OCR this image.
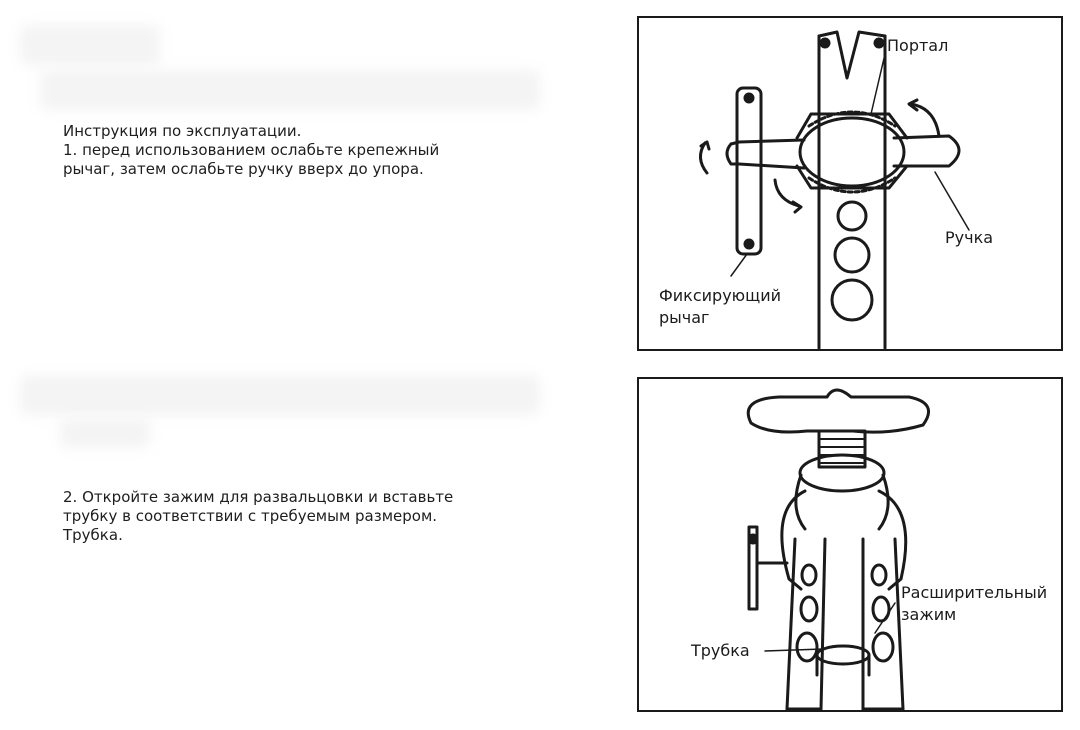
Инструкция по эксплуатации.
1. перед использованием ослабьте крепежный
рычаг, затем ослабьте ручку вверх до упора.
2. Откройте зажим для развальцовки и вставьте
трубку в соответствии с требуемым размером.
Трубка.
Портал
Ручка
Фиксирующий
рычаг
Расширительный
зажим
Трубка
